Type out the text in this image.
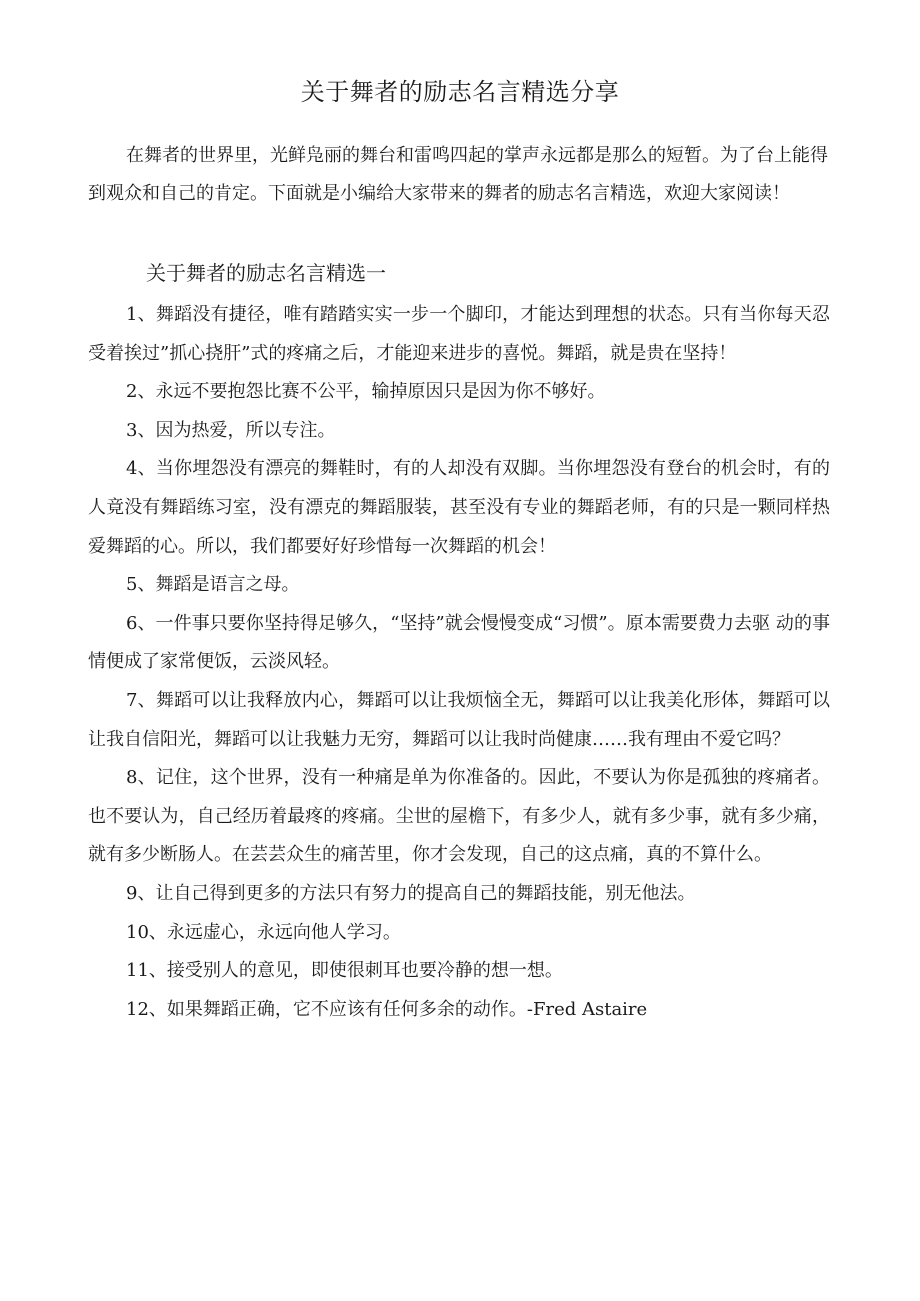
关于舞者的励志名言精选分享

在舞者的世界里，光鲜凫丽的舞台和雷鸣四起的掌声永远都是那么的短暂。为了台上能得到观众和自己的肯定。下面就是小编给大家带来的舞者的励志名言精选，欢迎大家阅读！

关于舞者的励志名言精选一
1、舞蹈没有捷径，唯有踏踏实实一步一个脚印，才能达到理想的状态。只有当你每天忍受着挨过”抓心挠肝”式的疼痛之后，才能迎来进步的喜悦。舞蹈，就是贵在坚持！
2、永远不要抱怨比赛不公平，输掉原因只是因为你不够好。
3、因为热爱，所以专注。
4、当你埋怨没有漂亮的舞鞋时，有的人却没有双脚。当你埋怨没有登台的机会时，有的人竟没有舞蹈练习室，没有漂克的舞蹈服装，甚至没有专业的舞蹈老师，有的只是一颗同样热爱舞蹈的心。所以，我们都要好好珍惜每一次舞蹈的机会！
5、舞蹈是语言之母。
6、一件事只要你坚持得足够久，“坚持”就会慢慢变成“习惯”。原本需要费力去驱 动的事情便成了家常便饭，云淡风轻。
7、舞蹈可以让我释放内心，舞蹈可以让我烦恼全无，舞蹈可以让我美化形体，舞蹈可以让我自信阳光，舞蹈可以让我魅力无穷，舞蹈可以让我时尚健康……我有理由不爱它吗？
8、记住，这个世界，没有一种痛是单为你准备的。因此，不要认为你是孤独的疼痛者。也不要认为，自己经历着最疼的疼痛。尘世的屋檐下，有多少人，就有多少事，就有多少痛，就有多少断肠人。在芸芸众生的痛苦里，你才会发现，自己的这点痛，真的不算什么。
9、让自己得到更多的方法只有努力的提高自己的舞蹈技能，别无他法。
10、永远虚心，永远向他人学习。
11、接受别人的意见，即使很刺耳也要冷静的想一想。
12、如果舞蹈正确，它不应该有任何多余的动作。-Fred Astaire
